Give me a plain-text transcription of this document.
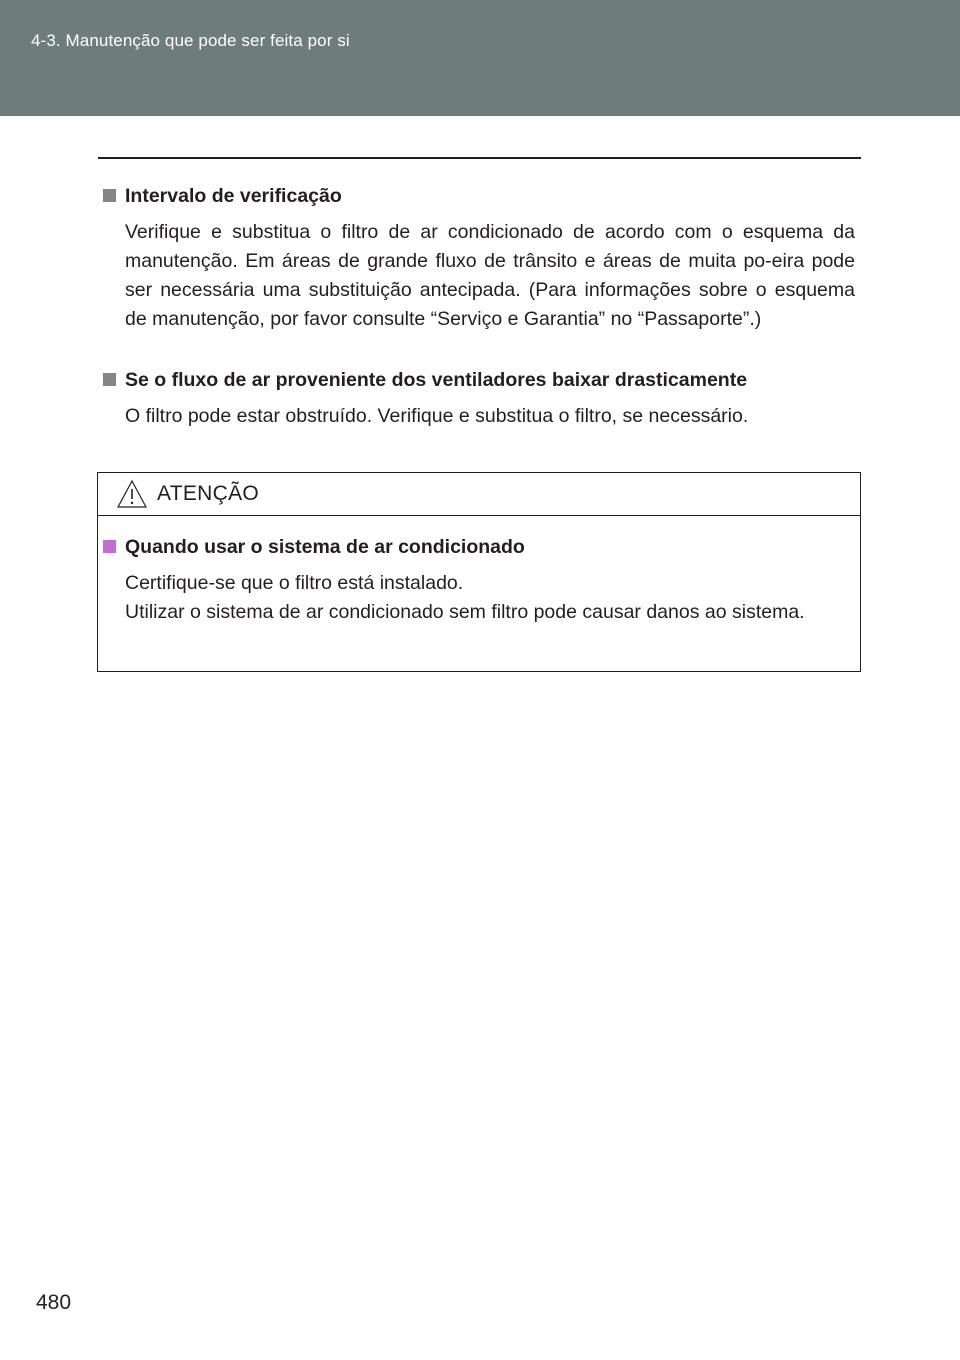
4-3. Manutenção que pode ser feita por si
Intervalo de verificação
Verifique e substitua o filtro de ar condicionado de acordo com o esquema da manutenção. Em áreas de grande fluxo de trânsito e áreas de muita po-eira pode ser necessária uma substituição antecipada. (Para informações sobre o esquema de manutenção, por favor consulte “Serviço e Garantia” no “Passaporte”.)
Se o fluxo de ar proveniente dos ventiladores baixar drasticamente
O filtro pode estar obstruído. Verifique e substitua o filtro, se necessário.
ATENÇÃO
Quando usar o sistema de ar condicionado
Certifique-se que o filtro está instalado.
Utilizar o sistema de ar condicionado sem filtro pode causar danos ao sistema.
480
